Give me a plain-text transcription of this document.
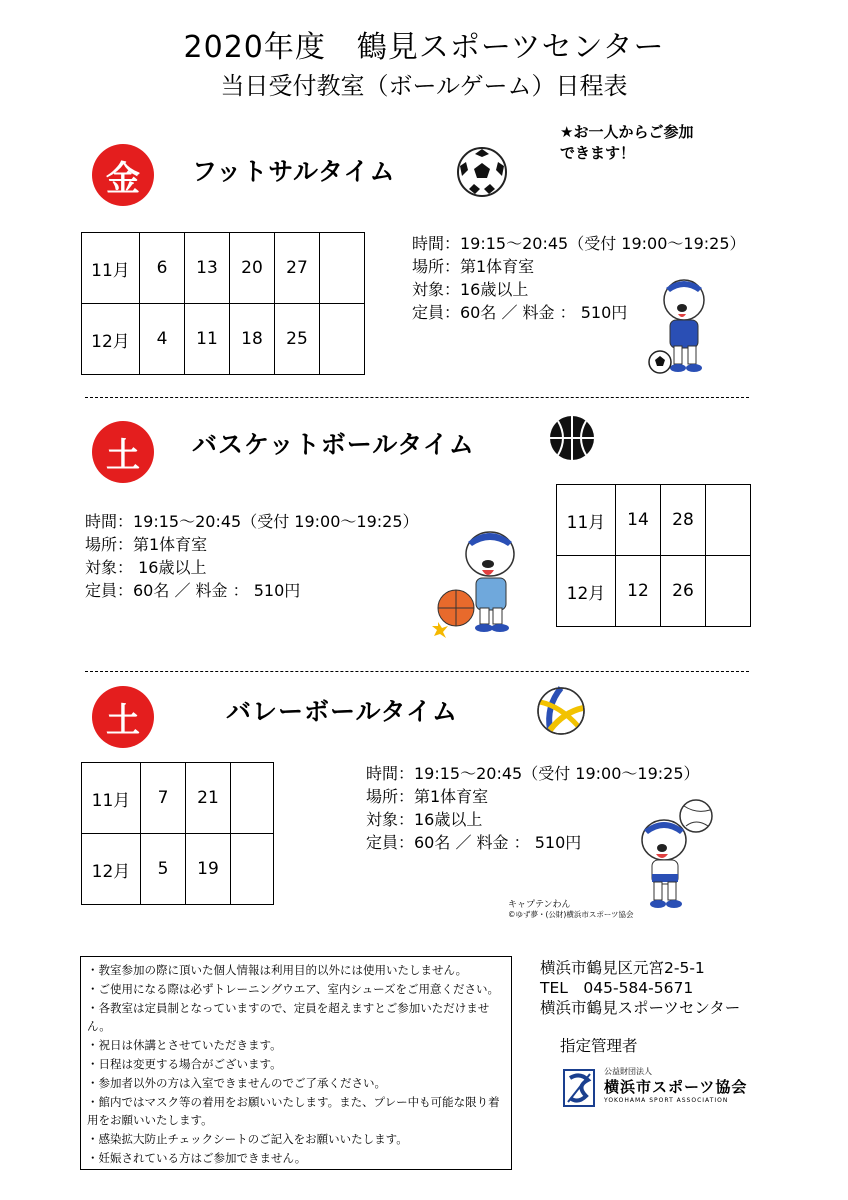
2020年度　鶴見スポーツセンター
当日受付教室（ボールゲーム）日程表
★お一人からご参加
できます！
金	フットサルタイム
11月	6	13	20	27	
12月	4	11	18	25	
時間：19:15～20:45（受付 19:00～19:25）
場所：第1体育室
対象：16歳以上
定員：60名 ／ 料金 ： 510円
土	バスケットボールタイム
時間：19:15～20:45（受付 19:00～19:25）
場所：第1体育室
対象： 16歳以上
定員：60名 ／ 料金 ： 510円
11月	14	28	
12月	12	26	
土	バレーボールタイム
11月	7	21	
12月	5	19	
時間：19:15～20:45（受付 19:00～19:25）
場所：第1体育室
対象：16歳以上
定員：60名 ／ 料金 ： 510円
キャプテンわん
©ゆず夢・(公財)横浜市スポーツ協会
・教室参加の際に頂いた個人情報は利用目的以外には使用いたしません。
・ご使用になる際は必ずトレーニングウエア、室内シューズをご用意ください。
・各教室は定員制となっていますので、定員を超えますとご参加いただけません。
・祝日は休講とさせていただきます。
・日程は変更する場合がございます。
・参加者以外の方は入室できませんのでご了承ください。
・館内ではマスク等の着用をお願いいたします。また、プレー中も可能な限り着用をお願いいたします。
・感染拡大防止チェックシートのご記入をお願いいたします。
・妊娠されている方はご参加できません。
横浜市鶴見区元宮2-5-1
TEL　045-584-5671
横浜市鶴見スポーツセンター
指定管理者
公益財団法人
横浜市スポーツ協会
YOKOHAMA SPORT ASSOCIATION
